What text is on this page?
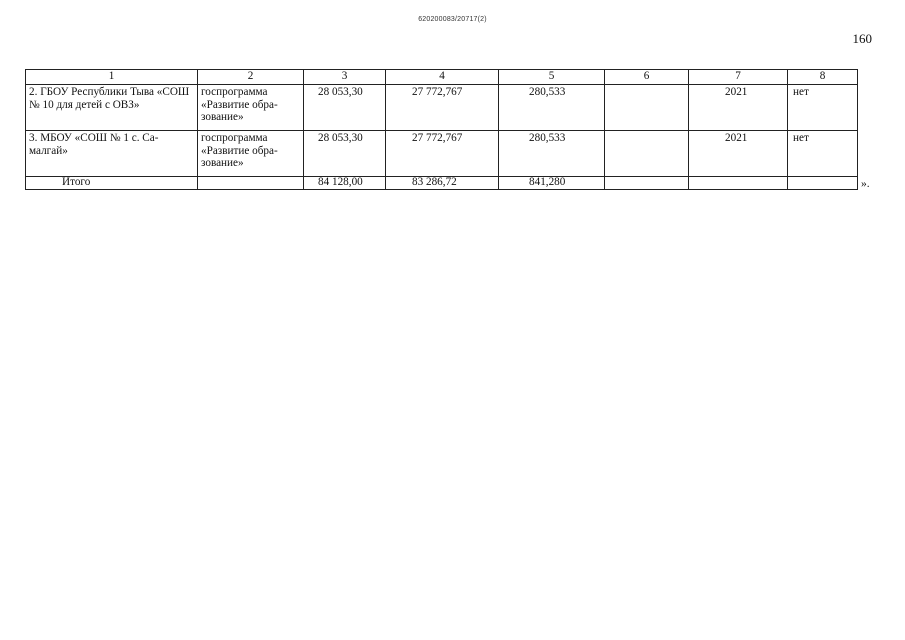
620200083/20717(2)
160
1	2	3	4	5	6	7	8
2. ГБОУ Республики Тыва «СОШ № 10 для детей с ОВЗ»	госпрограмма «Развитие обра-зование»	28 053,30	27 772,767	280,533		2021	нет
3. МБОУ «СОШ № 1 с. Са-малгай»	госпрограмма «Развитие обра-зование»	28 053,30	27 772,767	280,533		2021	нет
Итого		84 128,00	83 286,72	841,280				».
